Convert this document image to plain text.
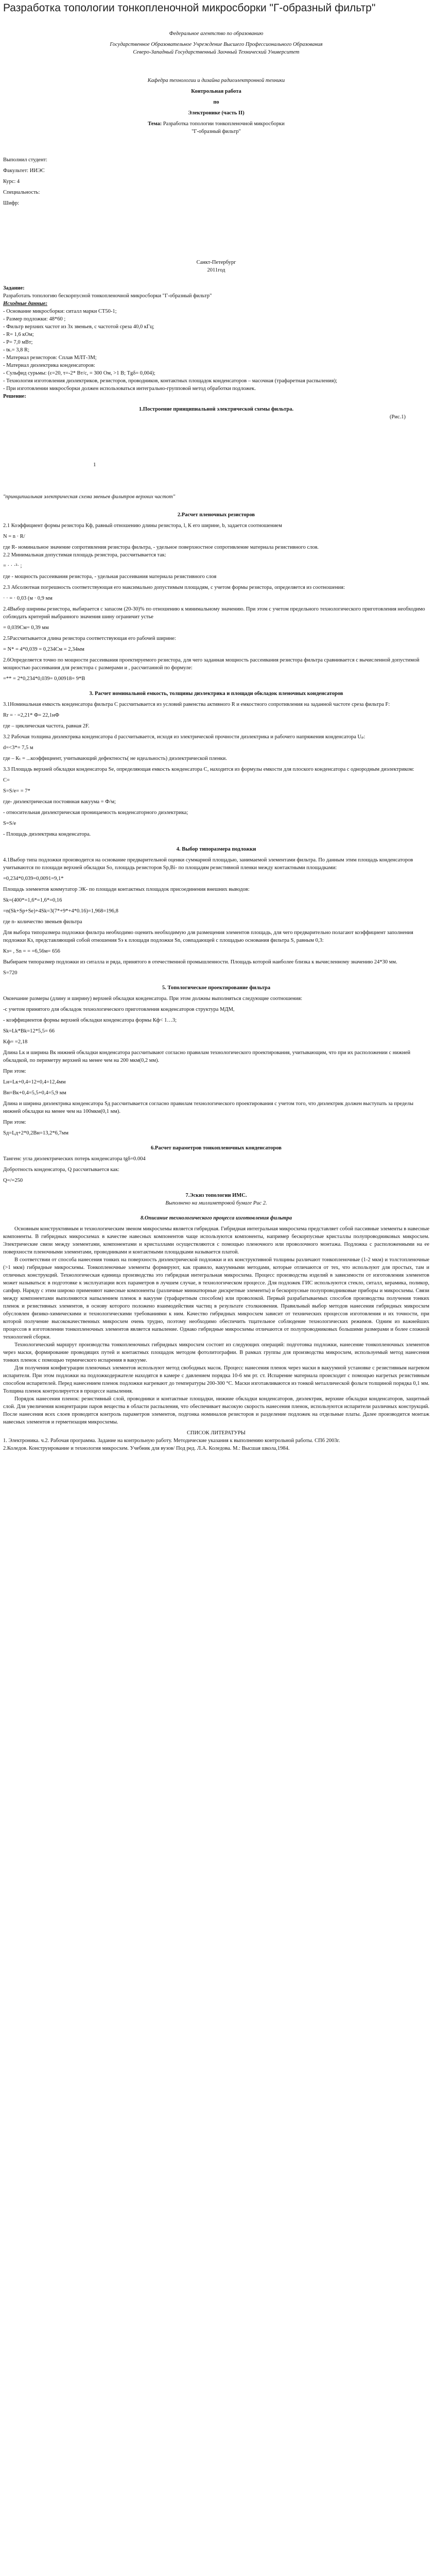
Разработка топологии тонкопленочной микросборки "Г-образный фильтр"

Федеральное агентство по образованию

Государственное Образовательное Учреждение Высшего Профессионального Образования

Северо-Западный Государственный Заочный Технический Университет

Кафедра технологии и дизайна радиоэлектронной техники

Контрольная работа

по

Электронике (часть II)

Тема: Разработка топологии тонкопленочной микросборки

"Г-образный фильтр"

Выполнил студент:

Факультет: ИИЭС

Курс: 4

Специальность:

Шифр:

Санкт-Петербург

2011год

Задание:

Разработать топологию бескорпусной тонкопленочной микросборки "Г-образный фильтр"

Исходные данные:

- Основание микросборки: ситалл марки СТ50-1;

- Размер подложки: 48*60 ;

- Фильтр верхних частот из 3х звеньев, с частотой среза 40,0 кГц;

- R= 1,6 кОм;

- P= 7,0 мВт;

- tк.= 3,8 R;

- Материал резисторов: Сплав МЛТ-3М;

- Материал диэлектрика конденсаторов:

- Сульфид сурьмы: (ε=20, τ=-2* Вт/с, = 300 Ом, >1 В; Tgδ= 0,004);

- Технология изготовления диэлектриков, резисторов, проводников, контактных площадок конденсаторов – масочная (трафаретная распыления);

- При изготовлении микросборки должен использоваться интегрально-групповой метод обработки подложек.

Решение:

1.Построение принципиальной электрической схемы фильтра.

(Рис.1)

1

"принципиальная электрическая схема звеньев фильтров верхних частот"

2.Расчет пленочных резисторов

2.1 Коэффициент формы резистора Кф, равный отношению длины резистора, l, К его ширине, b, задается соотношением

N = n · R/

где R- номинальное значение сопротивления резистора фильтра, - удельное поверхностное сопротивление материала резистивного слоя.

2.2 Минимальная допустимая площадь резистора, рассчитывается так:

= · · ·²· ;

где - мощность рассеивания резистора, - удельная рассеивания материала резистивного слоя

2.3 Абсолютная погрешность соответствующая его максимально допустимым площадям, с учетом формы резистора, определяется из соотношения:

· · = · 0,03 (м · 0,9 мм

2.4Выбор ширины резистора, выбирается с запасом (20-30)% по отношению к минимальному значению. При этом с учетом предельного технологического приготовления необходимо соблюдать критерий выбранного значения шину ограничит устье

= 0,039См= 0,39 мм

2.5Рассчитывается длина резистора соответствующая его рабочей ширине:

= Ν* = 4*0,039 = 0,234См = 2,34мм

2.6Определяется точно по мощности рассеивания проектируемого резистора, для чего заданная мощность рассеивания резистора фильтра сравнивается с вычисленной допустимой мощностью рассеивания для резистора с размерами и , рассчитанной по формуле:

=** = 2*0,234*0,039= 0,00918= 9*В

3. Расчет номинальной емкость, толщины диэлектрика и площади обкладок пленочных конденсаторов

3.1Номинальная емкость конденсатора фильтра С рассчитывается из условий равенства активного R и емкостного сопротивления на заданной частоте среза фильтра F:

Rr = · =2,21* Ф= 22,1нФ

где – циклическая частота, равная 2F.

3.2 Рабочая толщина диэлектрика конденсатора d рассчитывается, исходя из электрической прочности диэлектрика и рабочего напряжения конденсатора Uₚ:

d=<3*= 7,5 м

где – Кₜ = ...коэффициент, учитывающий дефектность( не идеальность) диэлектрической пленки.

3.3 Площадь верхней обкладки конденсатора Se, определяющая емкость конденсатора C, находится из формулы емкости для плоского конденсатора с однородным диэлектриком:

C=

S=S/e= = 7*

где- диэлектрическая постоянная вакуума = Ф/м;

- относительная диэлектрическая проницаемость конденсаторного диэлектрика;

S=S/e

- Площадь диэлектрика конденсатора.

4. Выбор типоразмера подложки

4.1Выбор типа подложки производится на основание предварительной оценки суммарной площадью, занимаемой элементами фильтра. По данным этим площадь конденсаторов учитываются по площади верхней обкладки So, площадь резисторов Sp,Bi- по площадям резистивной пленки между контактными площадками:

=0,234*0,039=0,0091=9,1*

Площадь элементов коммутатор ЭК- по площади контактных площадок присоединения внешних выводов:

Sk=(400*=1,6*=1,6*=0,16

=n(Sk+Sp+Se)+4Sk=3(7*+9*+4*0.16)=1,968=196,8

где n- количество звеньев фильтра

Для выбора типоразмера подложки фильтра необходимо оценить необходимую для размещения элементов площадь, для чего предварительно полагают коэффициент заполнения подложки Кз, представляющий собой отношения Sэ к площади подложки Sn, совпадающей с площадью основания фильтра S, равным 0,3:

Кз= , Sn = = =6,56м= 656

Выбираем типоразмер подложки из ситалла и ряда, принятого в отечественной промышленности. Площадь которой наиболее близка к вычисленному значению 24*30 мм.

S=720

5. Топологическое проектирование фильтра

Окончание размеры (длину и ширину) верхней обкладки конденсатора. При этом должны выполняться следующие соотношения:

-с учетом принятого для обкладок технологического приготовления конденсаторов структура МДМ,

- коэффициентов формы верхней обкладки конденсатора формы Кф< 1…3;

Sk=Lk*Bk=12*5,5= 66

Kф= =2,18

Длина Lк и ширина Bк нижней обкладки конденсатора рассчитывают согласно правилам технологического проектирования, учитывающим, что при их расположении с нижней обкладкой, по периметру верхней на менее чем на 200 мкм(0,2 мм).

При этом:

Lн=Lк+0,4=12+0,4=12,4мм

Bн=Bк+0,4=5,5+0,4=5,9 мм

Длина и ширина диэлектрика конденсатора Sд рассчитывается согласно правилам технологического проектирования с учетом того, что диэлектрик должен выступать за пределы нижней обкладки на менее чем на 100мкм(0,1 мм).

При этом:

Sд=Lд+2*0,2Bн=13,2*6,7мм

6.Расчет параметров тонкопленочных конденсаторов

Тангенс угла диэлектрических потерь конденсатора tgδ=0.004

Добротность конденсатора, Q рассчитывается как:

Q=/=250

7.Эскиз топологии ИМС.

Выполнено на миллиметровой бумаге Рис 2.

8.Описание технологического процесса изготовления фильтра

Основным конструктивным и технологическим звеном микросхемы является гибридная. Гибридная интегральная микросхема представляет собой пассивные элементы в навесные компоненты. В гибридных микросхемах в качестве навесных компонентов чаще используются компоненты, например бескорпусные кристаллы полупроводниковых микросхем. Электрические связи между элементами, компонентами и кристаллами осуществляются с помощью пленочного или проволочного монтажа. Подложка с расположенными на ее поверхности пленочными элементами, проводниками и контактными площадками называется платой.

В соответствии от способа нанесения тонких на поверхность диэлектрической подложки и их конструктивной толщины различают тонкопленочные (1-2 мкм) и толстопленочные (>1 мкм) гибридные микросхемы. Тонкопленочные элементы формируют, как правило, вакуумными методами, которые отличаются от тех, что используют для простых, там и отличных конструкций. Технологическая единица производства это гибридная интегральная микросхема. Процесс производства изделий в зависимости от изготовления элементов может называться: в подготовке к эксплуатации всех параметров в лучшем случае, в технологическом процессе. Для подложек ГИС используются стекло, ситалл, керамика, поликор, сапфир. Наряду с этим широко применяют навесные компоненты (различные миниатюрные дискретные элементы) и бескорпусные полупроводниковые приборы и микросхемы. Связи между компонентами выполняются напылением пленок в вакууме (трафаретным способом) или проволокой. Первый разрабатываемых способов производства получения тонких пленок и резистивных элементов, в основу которого положено взаимодействия частиц в результате столкновения. Правильный выбор методов нанесения гибридных микросхем обусловлен физико-химическими и технологическими требованиями к ним. Качество гибридных микросхем зависит от технических процессов изготовления и их точности, при которой получение высококачественных микросхем очень трудно, поэтому необходимо обеспечить тщательное соблюдение технологических режимов. Одним из важнейших процессов в изготовлении тонкопленочных элементов является напыление. Однако гибридные микросхемы отличаются от полупроводниковых большими размерами и более сложной технологией сборки.

Технологический маршрут производства тонкопленочных гибридных микросхем состоит из следующих операций: подготовка подложки, нанесение тонкопленочных элементов через маски, формирование проводящих путей и контактных площадок методом фотолитографии. В рамках группы для производства микросхем, используемый метод нанесения тонких пленок с помощью термического испарения в вакууме.

Для получения конфигурации пленочных элементов используют метод свободных масок. Процесс нанесения пленок через маски в вакуумной установке с резистивным нагревом испарителя. При этом подложки на подложкодержателе находятся в камере с давлением порядка 10-6 мм рт. ст. Испарение материала происходит с помощью нагретых резистивным способом испарителей. Перед нанесением пленок подложки нагревают до температуры 200-300 °С. Маски изготавливаются из тонкой металлической фольги толщиной порядка 0,1 мм. Толщина пленок контролируется в процессе напыления.

Порядок нанесения пленок: резистивный слой, проводники и контактные площадки, нижние обкладки конденсаторов, диэлектрик, верхние обкладки конденсаторов, защитный слой. Для увеличения концентрации паров вещества в области распыления, что обеспечивает высокую скорость нанесения пленок, используются испарители различных конструкций. После нанесения всех слоев проводится контроль параметров элементов, подгонка номиналов резисторов и разделение подложек на отдельные платы. Далее производится монтаж навесных элементов и герметизация микросхемы.

СПИСОК ЛИТЕРАТУРЫ

1. Электроника. ч.2. Рабочая программа. Задание на контрольную работу. Методические указания к выполнению контрольной работы. СПб 2003г.
2.Коледов. Конструирование и технология микросхем. Учебник для вузов/ Под ред. Л.А. Коледова. М.: Высшая школа,1984.
